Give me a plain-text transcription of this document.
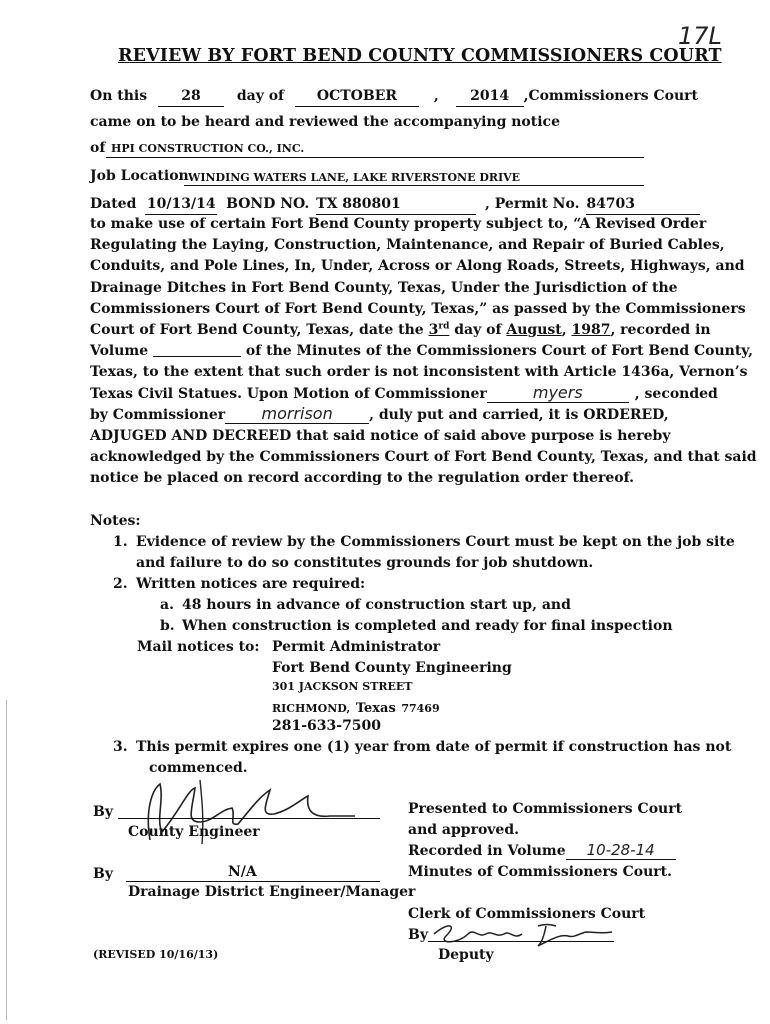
17L
REVIEW BY FORT BEND COUNTY COMMISSIONERS COURT
On this 28	day of OCTOBER	, 2014 ,Commissioners Court
came on to be heard and reviewed the accompanying notice
of HPI CONSTRUCTION CO., INC.
Job Location WINDING WATERS LANE, LAKE RIVERSTONE DRIVE
Dated 10/13/14 BOND NO. TX 880801	, Permit No. 84703
to make use of certain Fort Bend County property subject to, “A Revised Order
Regulating the Laying, Construction, Maintenance, and Repair of Buried Cables,
Conduits, and Pole Lines, In, Under, Across or Along Roads, Streets, Highways, and
Drainage Ditches in Fort Bend County, Texas, Under the Jurisdiction of the
Commissioners Court of Fort Bend County, Texas,” as passed by the Commissioners
Court of Fort Bend County, Texas, date the 3rd day of August, 1987, recorded in
Volume	of the Minutes of the Commissioners Court of Fort Bend County,
Texas, to the extent that such order is not inconsistent with Article 1436a, Vernon’s
Texas Civil Statues. Upon Motion of Commissioner	myers	, seconded
by Commissioner morrison	, duly put and carried, it is ORDERED,
ADJUGED AND DECREED that said notice of said above purpose is hereby
acknowledged by the Commissioners Court of Fort Bend County, Texas, and that said
notice be placed on record according to the regulation order thereof.
Notes:
1. Evidence of review by the Commissioners Court must be kept on the job site
and failure to do so constitutes grounds for job shutdown.
2. Written notices are required:
a. 48 hours in advance of construction start up, and
b. When construction is completed and ready for final inspection
Mail notices to: Permit Administrator
Fort Bend County Engineering
301 JACKSON STREET
RICHMOND, Texas 77469
281-633-7500
3. This permit expires one (1) year from date of permit if construction has not
commenced.
By
County Engineer
By	N/A
Drainage District Engineer/Manager
(REVISED 10/16/13)
Presented to Commissioners Court
and approved.
Recorded in Volume 10-28-14
Minutes of Commissioners Court.
Clerk of Commissioners Court
By
Deputy
